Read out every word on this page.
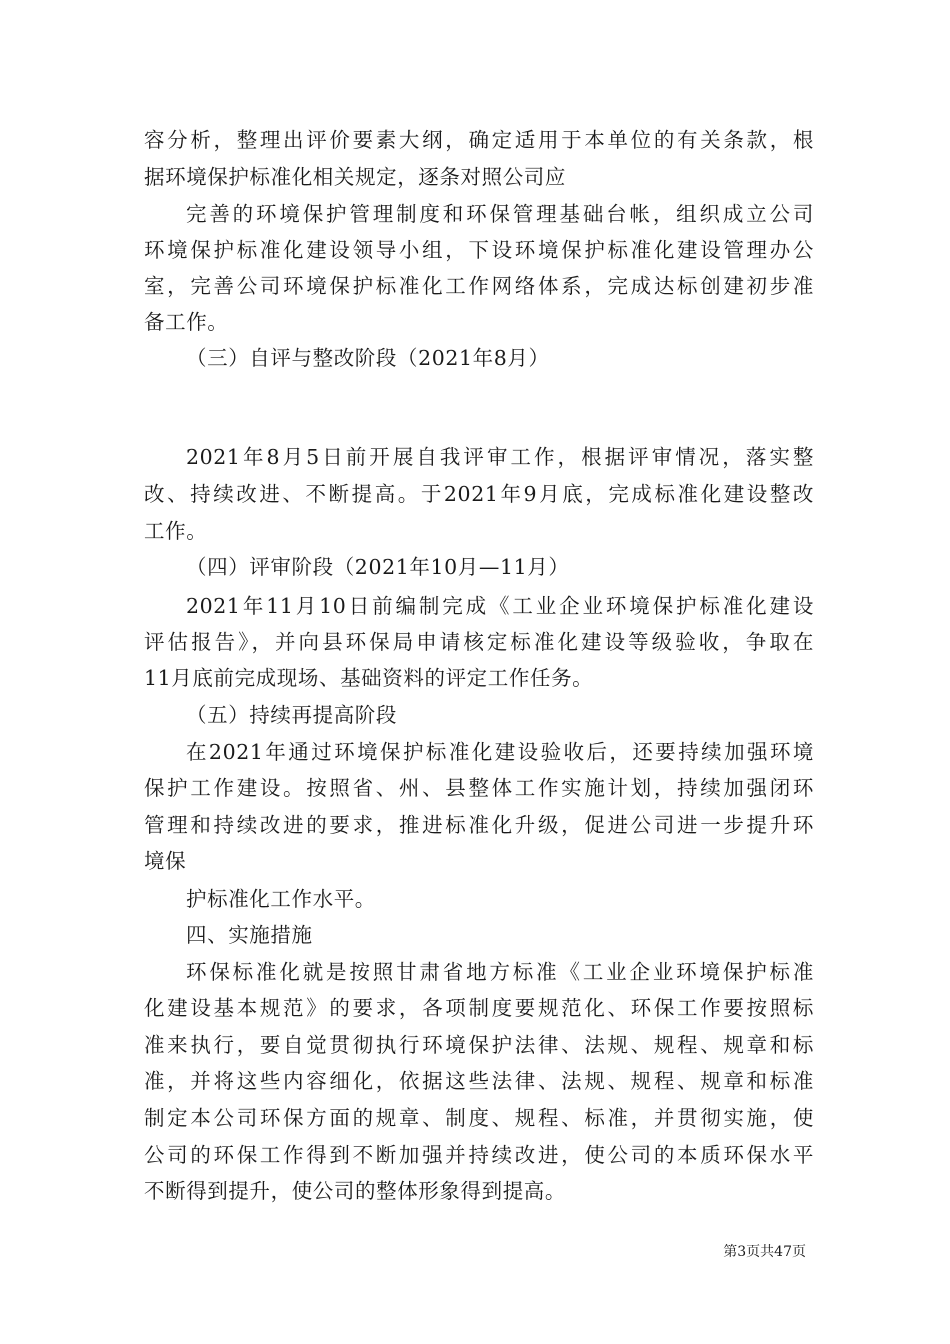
容分析，整理出评价要素大纲，确定适用于本单位的有关条款，根
据环境保护标准化相关规定，逐条对照公司应
完善的环境保护管理制度和环保管理基础台帐，组织成立公司
环境保护标准化建设领导小组，下设环境保护标准化建设管理办公
室，完善公司环境保护标准化工作网络体系，完成达标创建初步准
备工作。
（三）自评与整改阶段（2021年8月）
2021年8月5日前开展自我评审工作，根据评审情况，落实整
改、持续改进、不断提高。于2021年9月底，完成标准化建设整改
工作。
（四）评审阶段（2021年10月—11月）
2021年11月10日前编制完成《工业企业环境保护标准化建设
评估报告》，并向县环保局申请核定标准化建设等级验收，争取在
11月底前完成现场、基础资料的评定工作任务。
（五）持续再提高阶段
在2021年通过环境保护标准化建设验收后，还要持续加强环境
保护工作建设。按照省、州、县整体工作实施计划，持续加强闭环
管理和持续改进的要求，推进标准化升级，促进公司进一步提升环
境保
护标准化工作水平。
四、实施措施
环保标准化就是按照甘肃省地方标准《工业企业环境保护标准
化建设基本规范》的要求，各项制度要规范化、环保工作要按照标
准来执行，要自觉贯彻执行环境保护法律、法规、规程、规章和标
准，并将这些内容细化，依据这些法律、法规、规程、规章和标准
制定本公司环保方面的规章、制度、规程、标准，并贯彻实施，使
公司的环保工作得到不断加强并持续改进，使公司的本质环保水平
不断得到提升，使公司的整体形象得到提高。
第3页共47页
